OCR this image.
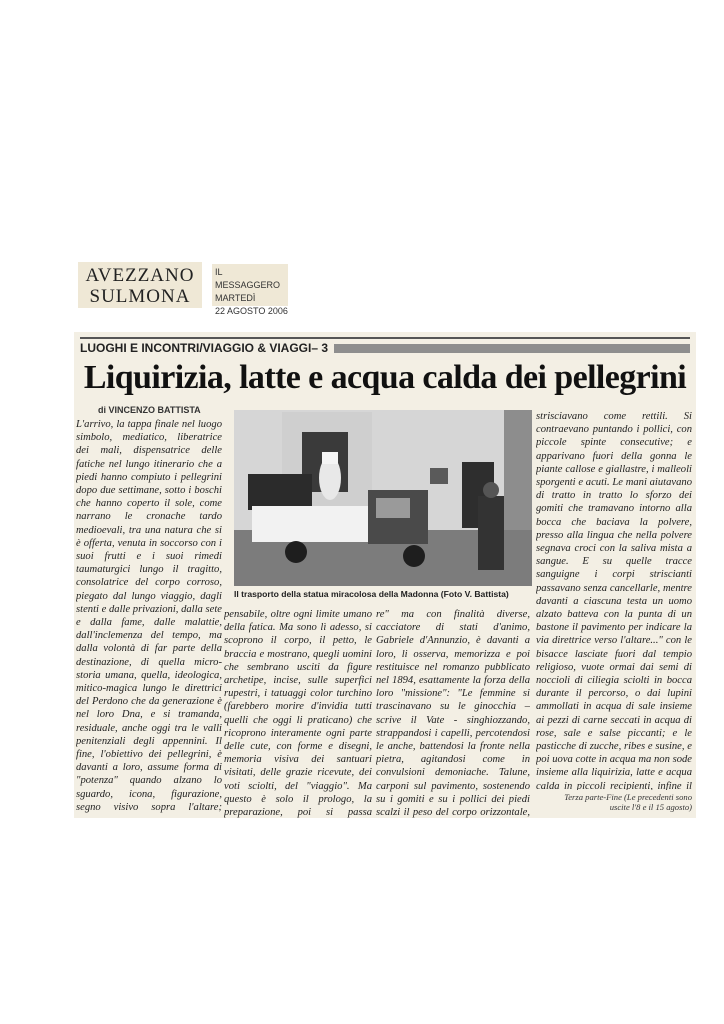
AVEZZANO
SULMONA
IL MESSAGGERO
MARTEDÌ
22 AGOSTO 2006
LUOGHI E INCONTRI/VIAGGIO & VIAGGI– 3
Liquirizia, latte e acqua calda dei pellegrini
di VINCENZO BATTISTA
L'arrivo, la tappa finale nel luogo simbolo, mediatico, liberatrice dei mali, dispensatrice delle fatiche nel lungo itinerario che a piedi hanno compiuto i pellegrini dopo due settimane, sotto i boschi che hanno coperto il sole, come narrano le cronache tardo medioevali, tra una natura che si è offerta, venuta in soccorso con i suoi frutti e i suoi rimedi taumaturgici lungo il tragitto, consolatrice del corpo corroso, piegato dal lungo viaggio, dagli stenti e dalle privazioni, dalla sete e dalla fame, dalle malattie, dall'inclemenza del tempo, ma dalla volontà di far parte della destinazione, di quella micro-storia umana, quella, ideologica, mitico-magica lungo le direttrici del Perdono che da generazione è nel loro Dna, e si tramanda, residuale, anche oggi tra le valli penitenziali degli appennini. Il fine, l'obiettivo dei pellegrini, è davanti a loro, assume forma di "potenza" quando alzano lo sguardo, icona, figurazione, segno visivo sopra l'altare;
Il trasporto della statua miracolosa della Madonna (Foto V. Battista)
pensabile, oltre ogni limite umano della fatica. Ma sono lì adesso, si scoprono il corpo, il petto, le braccia e mostrano, quegli uomini che sembrano usciti da figure archetipe, incise, sulle superfici rupestri, i tatuaggi color turchino (farebbero morire d'invidia tutti quelli che oggi li praticano) che ricoprono interamente ogni parte delle cute, con forme e disegni, memoria visiva dei santuari visitati, delle grazie ricevute, dei voti sciolti, del "viaggio". Ma questo è solo il prologo, la preparazione, poi si passa
re" ma con finalità diverse, cacciatore di stati d'animo, Gabriele d'Annunzio, è davanti a loro, li osserva, memorizza e poi restituisce nel romanzo pubblicato nel 1894, esattamente la forza della loro "missione": "Le femmine si trascinavano su le ginocchia – scrive il Vate - singhiozzando, strappandosi i capelli, percotendosi le anche, battendosi la fronte nella pietra, agitandosi come in convulsioni demoniache. Talune, carponi sul pavimento, sostenendo su i gomiti e su i pollici dei piedi scalzi il peso del corpo orizzontale,
strisciavano come rettili. Si contraevano puntando i pollici, con piccole spinte consecutive; e apparivano fuori della gonna le piante callose e giallastre, i malleoli sporgenti e acuti. Le mani aiutavano di tratto in tratto lo sforzo dei gomiti che tramavano intorno alla bocca che baciava la polvere, presso alla lingua che nella polvere segnava croci con la saliva mista a sangue. E su quelle tracce sanguigne i corpi striscianti passavano senza cancellarle, mentre davanti a ciascuna testa un uomo alzato batteva con la punta di un bastone il pavimento per indicare la via direttrice verso l'altare..." con le bisacce lasciate fuori dal tempio religioso, vuote ormai dai semi di noccioli di ciliegia sciolti in bocca durante il percorso, o dai lupini ammollati in acqua di sale insieme ai pezzi di carne seccati in acqua di rose, sale e salse piccanti; e le pasticche di zucche, ribes e susine, e poi uova cotte in acqua ma non sode insieme alla liquirizia, latte e acqua calda in piccoli recipienti, infine il
Terza parte-Fine (Le precedenti sono uscite l'8 e il 15 agosto)
